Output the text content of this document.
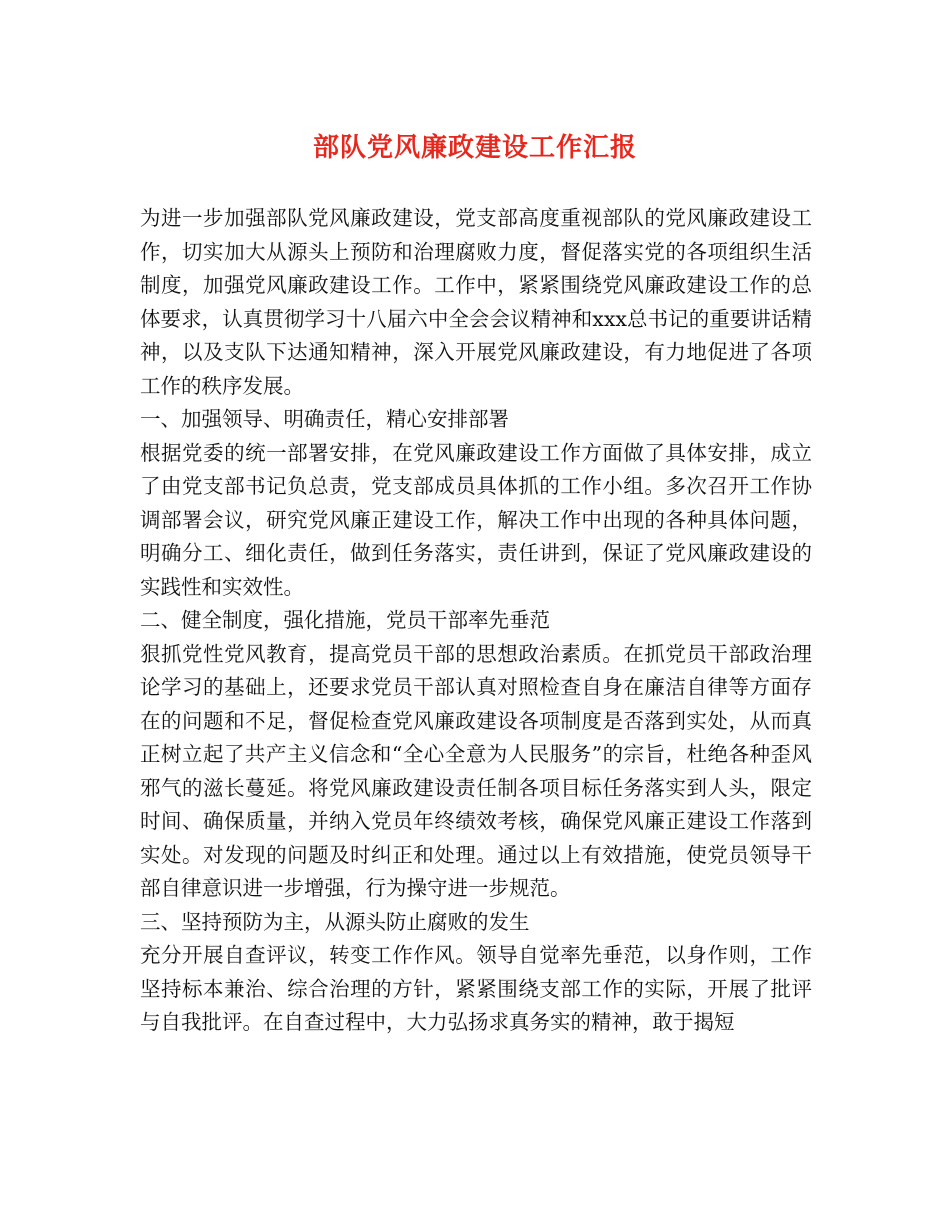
部队党风廉政建设工作汇报

为进一步加强部队党风廉政建设，党支部高度重视部队的党风廉政建设工作，切实加大从源头上预防和治理腐败力度，督促落实党的各项组织生活制度，加强党风廉政建设工作。工作中，紧紧围绕党风廉政建设工作的总体要求，认真贯彻学习十八届六中全会会议精神和xxx总书记的重要讲话精神，以及支队下达通知精神，深入开展党风廉政建设，有力地促进了各项工作的秩序发展。

一、加强领导、明确责任，精心安排部署

根据党委的统一部署安排，在党风廉政建设工作方面做了具体安排，成立了由党支部书记负总责，党支部成员具体抓的工作小组。多次召开工作协调部署会议，研究党风廉正建设工作，解决工作中出现的各种具体问题，明确分工、细化责任，做到任务落实，责任讲到，保证了党风廉政建设的实践性和实效性。

二、健全制度，强化措施，党员干部率先垂范

狠抓党性党风教育，提高党员干部的思想政治素质。在抓党员干部政治理论学习的基础上，还要求党员干部认真对照检查自身在廉洁自律等方面存在的问题和不足，督促检查党风廉政建设各项制度是否落到实处，从而真正树立起了共产主义信念和“全心全意为人民服务”的宗旨，杜绝各种歪风邪气的滋长蔓延。将党风廉政建设责任制各项目标任务落实到人头，限定时间、确保质量，并纳入党员年终绩效考核，确保党风廉正建设工作落到实处。对发现的问题及时纠正和处理。通过以上有效措施，使党员领导干部自律意识进一步增强，行为操守进一步规范。

三、坚持预防为主，从源头防止腐败的发生

充分开展自查评议，转变工作作风。领导自觉率先垂范，以身作则，工作坚持标本兼治、综合治理的方针，紧紧围绕支部工作的实际，开展了批评与自我批评。在自查过程中，大力弘扬求真务实的精神，敢于揭短
